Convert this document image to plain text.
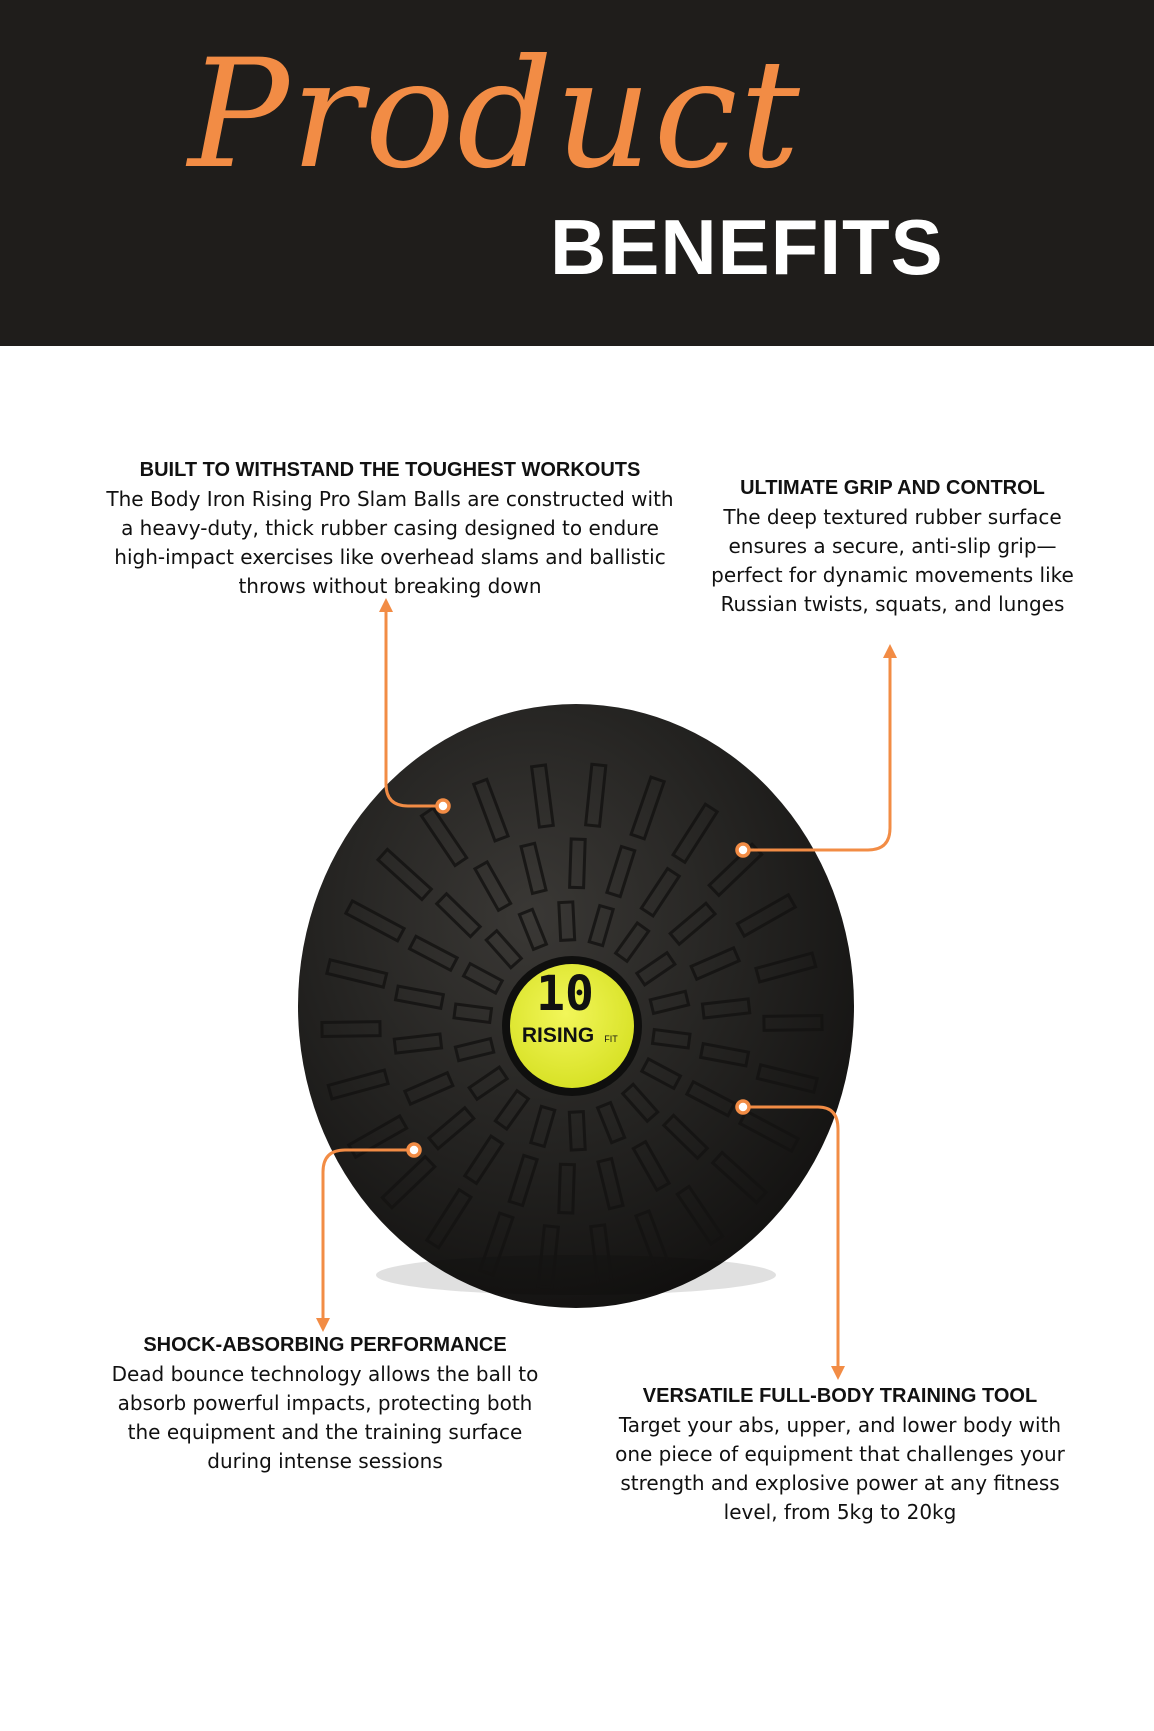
Product
BENEFITS
10
RISING FIT
BUILT TO WITHSTAND THE TOUGHEST WORKOUTS

The Body Iron Rising Pro Slam Balls are constructed with a heavy-duty, thick rubber casing designed to endure high-impact exercises like overhead slams and ballistic throws without breaking down

ULTIMATE GRIP AND CONTROL

The deep textured rubber surface ensures a secure, anti-slip grip—perfect for dynamic movements like Russian twists, squats, and lunges

SHOCK-ABSORBING PERFORMANCE

Dead bounce technology allows the ball to absorb powerful impacts, protecting both the equipment and the training surface during intense sessions

VERSATILE FULL-BODY TRAINING TOOL

Target your abs, upper, and lower body with one piece of equipment that challenges your strength and explosive power at any fitness level, from 5kg to 20kg
